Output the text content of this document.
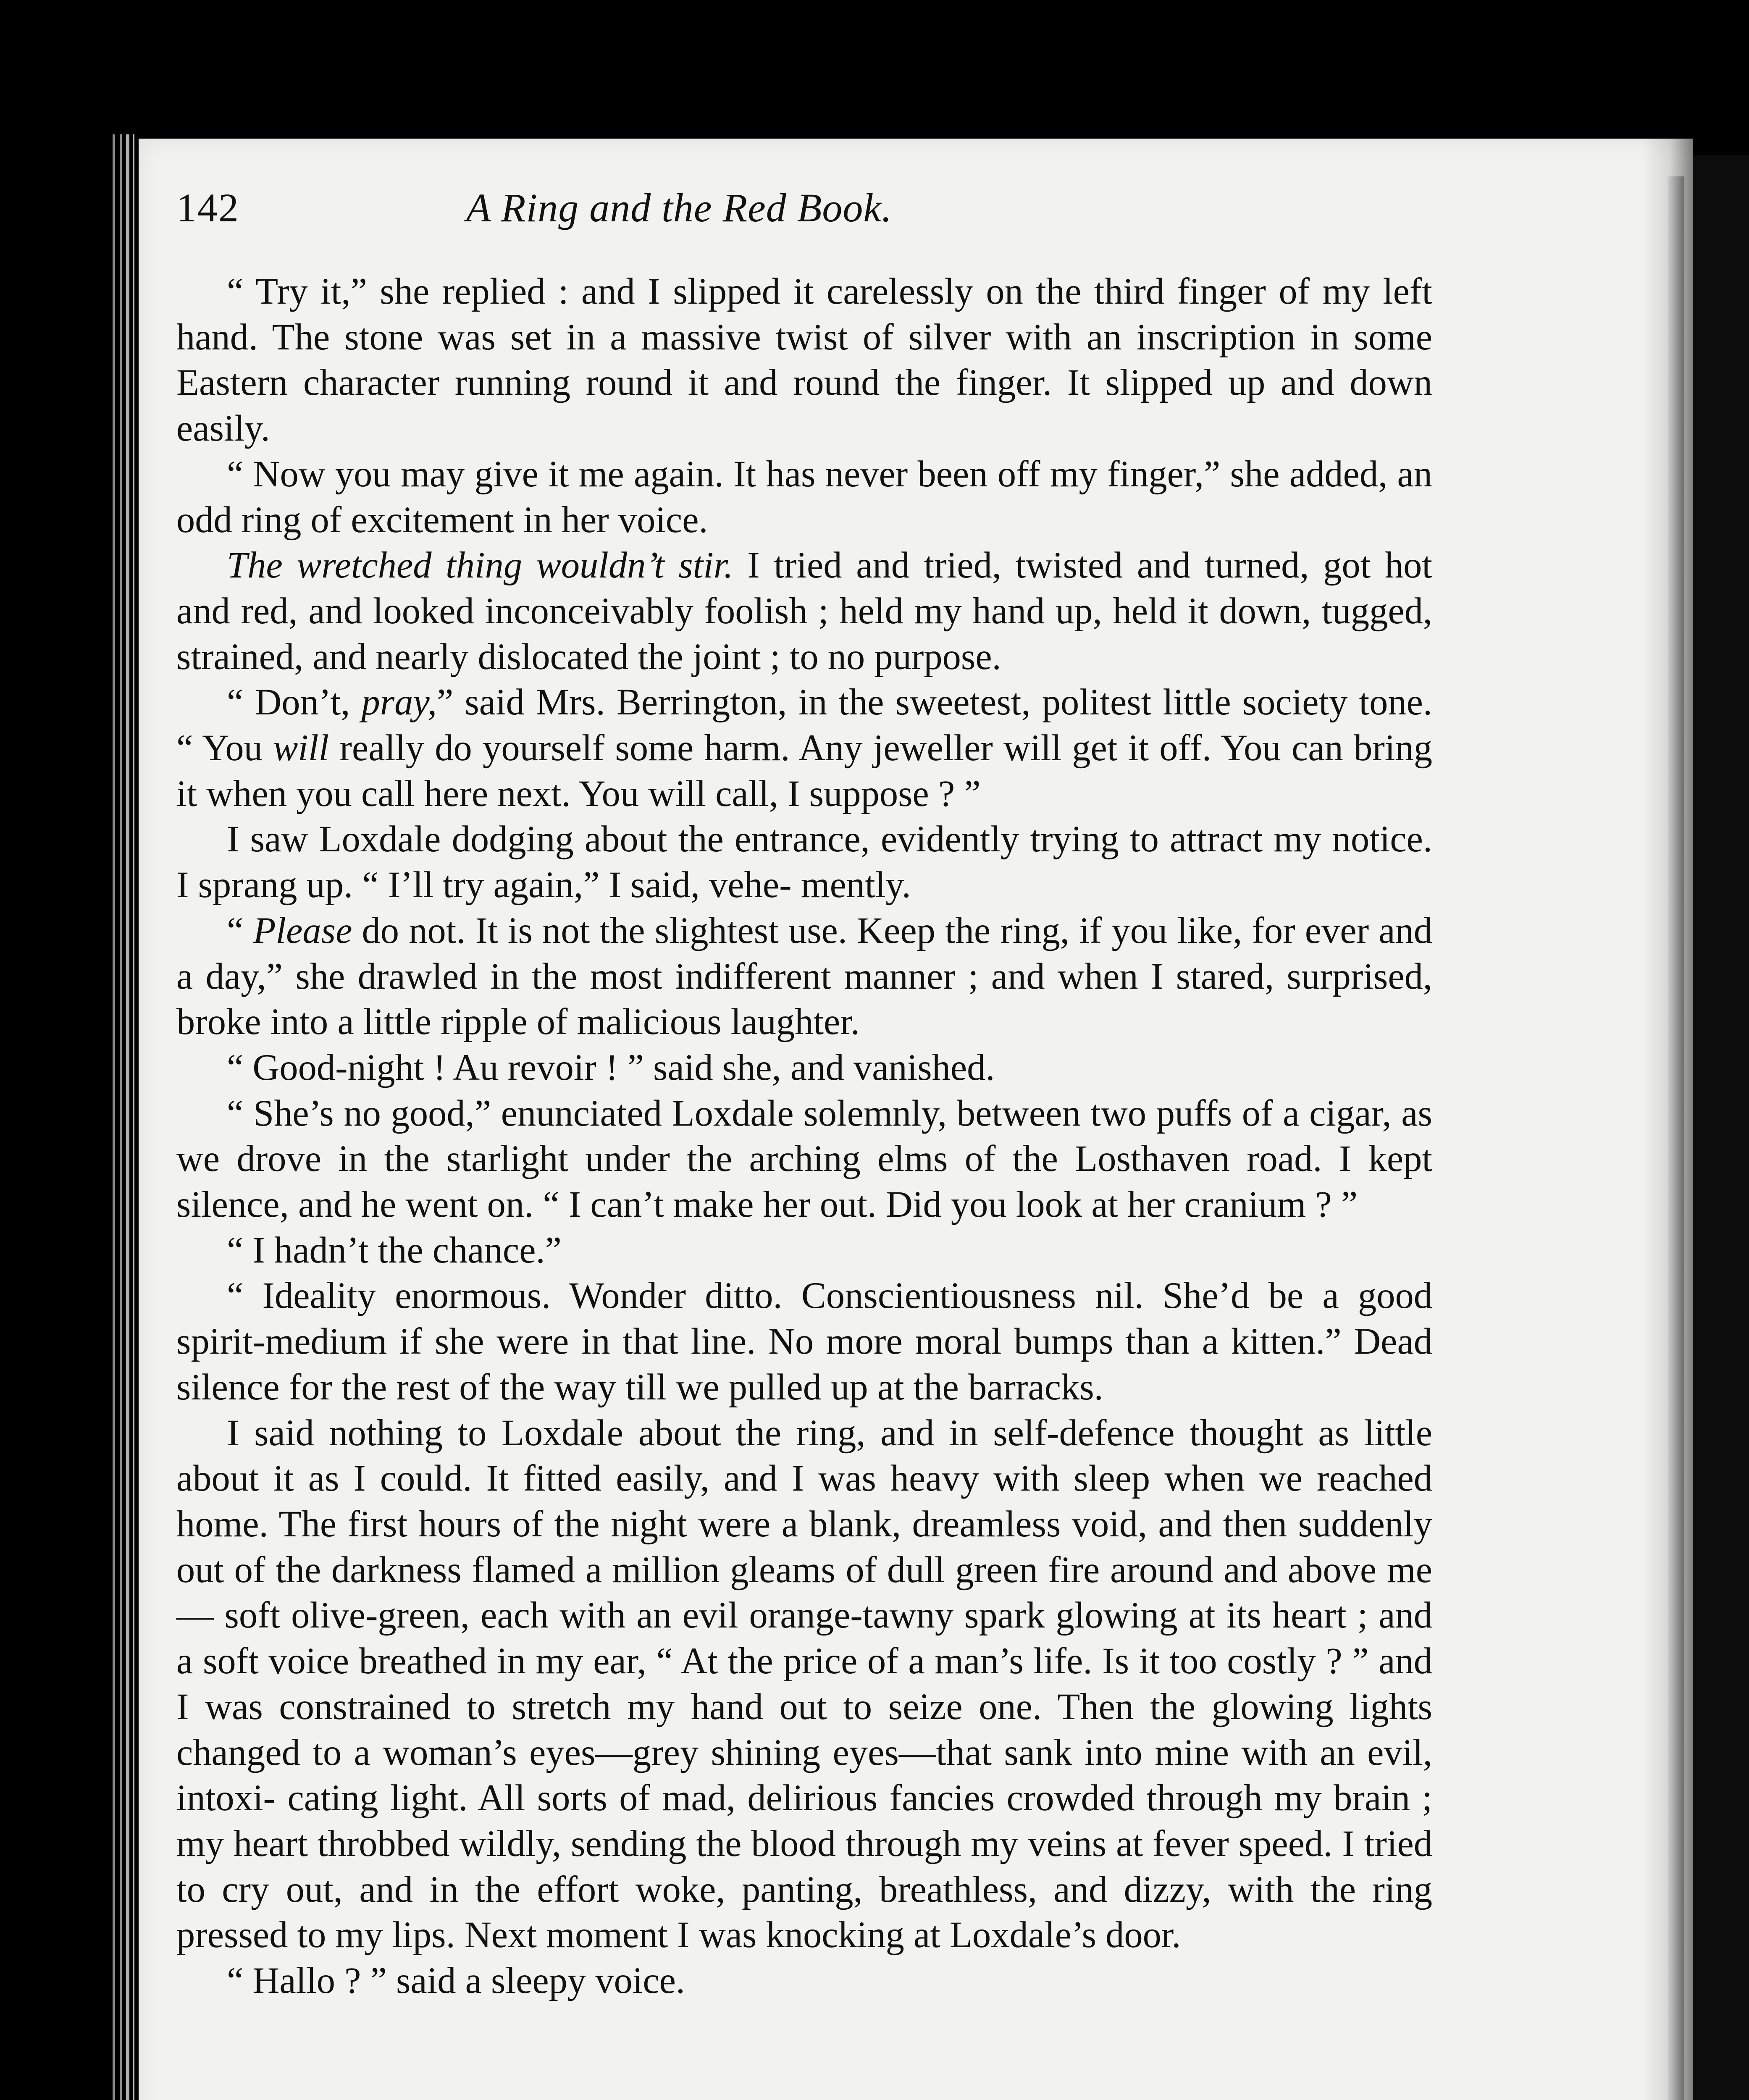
142	A Ring and the Red Book.

“ Try it,” she replied : and I slipped it carelessly on the third finger of my left hand. The stone was set in a massive twist of silver with an inscription in some Eastern character running round it and round the finger. It slipped up and down easily.

“ Now you may give it me again. It has never been off my finger,” she added, an odd ring of excitement in her voice.

The wretched thing wouldn’t stir. I tried and tried, twisted and turned, got hot and red, and looked inconceivably foolish ; held my hand up, held it down, tugged, strained, and nearly dislocated the joint ; to no purpose.

“ Don’t, pray,” said Mrs. Berrington, in the sweetest, politest little society tone. “ You will really do yourself some harm. Any jeweller will get it off. You can bring it when you call here next. You will call, I suppose ? ”

I saw Loxdale dodging about the entrance, evidently trying to attract my notice. I sprang up. “ I’ll try again,” I said, vehe- mently.

“ Please do not. It is not the slightest use. Keep the ring, if you like, for ever and a day,” she drawled in the most indifferent manner ; and when I stared, surprised, broke into a little ripple of malicious laughter.

“ Good-night ! Au revoir ! ” said she, and vanished.

“ She’s no good,” enunciated Loxdale solemnly, between two puffs of a cigar, as we drove in the starlight under the arching elms of the Losthaven road. I kept silence, and he went on. “ I can’t make her out. Did you look at her cranium ? ”

“ I hadn’t the chance.”

“ Ideality enormous. Wonder ditto. Conscientiousness nil. She’d be a good spirit-medium if she were in that line. No more moral bumps than a kitten.” Dead silence for the rest of the way till we pulled up at the barracks.

I said nothing to Loxdale about the ring, and in self-defence thought as little about it as I could. It fitted easily, and I was heavy with sleep when we reached home. The first hours of the night were a blank, dreamless void, and then suddenly out of the darkness flamed a million gleams of dull green fire around and above me— soft olive-green, each with an evil orange-tawny spark glowing at its heart ; and a soft voice breathed in my ear, “ At the price of a man’s life. Is it too costly ? ” and I was constrained to stretch my hand out to seize one. Then the glowing lights changed to a woman’s eyes—grey shining eyes—that sank into mine with an evil, intoxi- cating light. All sorts of mad, delirious fancies crowded through my brain ; my heart throbbed wildly, sending the blood through my veins at fever speed. I tried to cry out, and in the effort woke, panting, breathless, and dizzy, with the ring pressed to my lips. Next moment I was knocking at Loxdale’s door.

“ Hallo ? ” said a sleepy voice.
